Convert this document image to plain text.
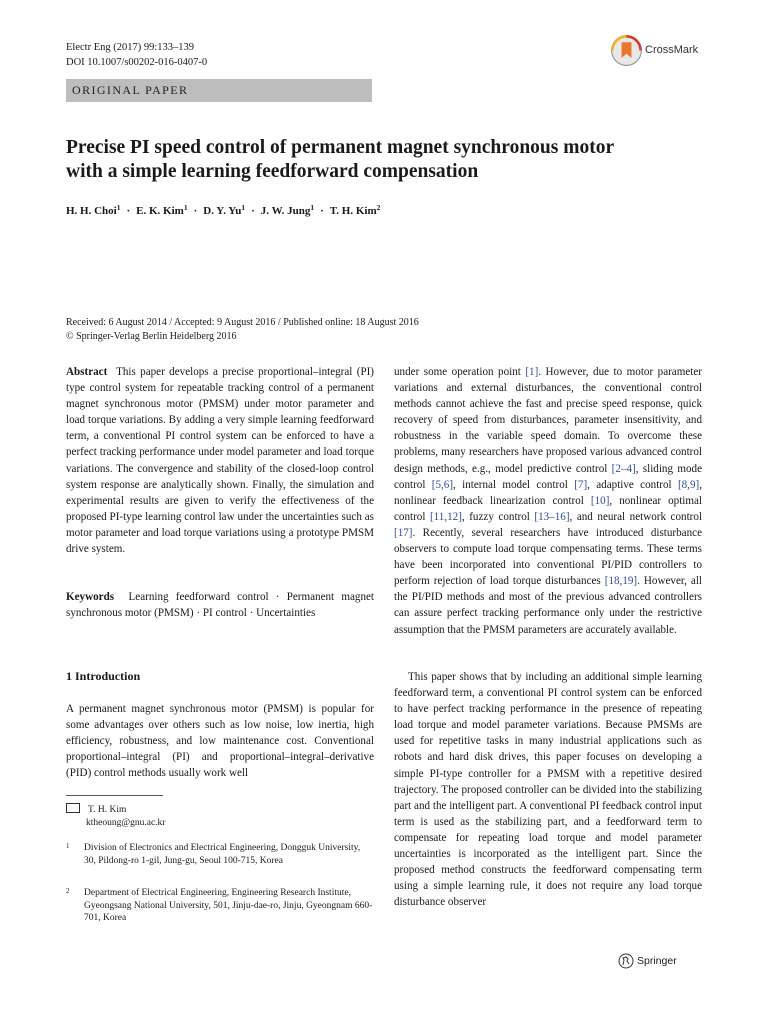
Electr Eng (2017) 99:133–139
DOI 10.1007/s00202-016-0407-0
CrossMark
ORIGINAL PAPER
Precise PI speed control of permanent magnet synchronous motor
with a simple learning feedforward compensation
H. H. Choi$^1$ · E. K. Kim$^1$ · D. Y. $Yu^1 \cdot J$. W. Jung$^1$ · T. H. Kim$^2$
Received: 6 August 2014 / Accepted: 9 August 2016 / Published online: 18 August 2016
© Springer-Verlag Berlin Heidelberg 2016
Abstract This paper develops a precise proportional–integral (PI) type control system for repeatable tracking control of a permanent magnet synchronous motor (PMSM) under motor parameter and load torque variations. By adding a very simple learning feedforward term, a conventional PI control system can be enforced to have a perfect tracking performance under model parameter and load torque variations. The convergence and stability of the closed-loop control system response are analytically shown. Finally, the simulation and experimental results are given to verify the effectiveness of the proposed PI-type learning control law under the uncertainties such as motor parameter and load torque variations using a prototype PMSM drive system.
Keywords Learning feedforward control · Permanent magnet synchronous motor (PMSM) · PI control · Uncertainties
1 Introduction
A permanent magnet synchronous motor (PMSM) is popular for some advantages over others such as low noise, low inertia, high efficiency, robustness, and low maintenance cost. Conventional proportional–integral (PI) and proportional–integral–derivative (PID) control methods usually work well
T. H. Kim
ktheoung@gnu.ac.kr
1 Division of Electronics and Electrical Engineering, Dongguk University, 30, Pildong-ro 1-gil, Jung-gu, Seoul 100-715, Korea
2 Department of Electrical Engineering, Engineering Research Institute, Gyeongsang National University, 501, Jinju-dae-ro, Jinju, Gyeongnam 660-701, Korea
under some operation point [1]. However, due to motor parameter variations and external disturbances, the conventional control methods cannot achieve the fast and precise speed response, quick recovery of speed from disturbances, parameter insensitivity, and robustness in the variable speed domain. To overcome these problems, many researchers have proposed various advanced control design methods, e.g., model predictive control [2–4], sliding mode control [5,6], internal model control [7], adaptive control [8,9], nonlinear feedback linearization control [10], nonlinear optimal control [11,12], fuzzy control [13–16], and neural network control [17]. Recently, several researchers have introduced disturbance observers to compute load torque compensating terms. These terms have been incorporated into conventional PI/PID controllers to perform rejection of load torque disturbances [18,19]. However, all the PI/PID methods and most of the previous advanced controllers can assure perfect tracking performance only under the restrictive assumption that the PMSM parameters are accurately available.
This paper shows that by including an additional simple learning feedforward term, a conventional PI control system can be enforced to have perfect tracking performance in the presence of repeating load torque and model parameter variations. Because PMSMs are used for repetitive tasks in many industrial applications such as robots and hard disk drives, this paper focuses on developing a simple PI-type controller for a PMSM with a repetitive desired trajectory. The proposed controller can be divided into the stabilizing part and the intelligent part. A conventional PI feedback control input term is used as the stabilizing part, and a feedforward term to compensate for repeating load torque and model parameter uncertainties is incorporated as the intelligent part. Since the proposed method constructs the feedforward compensating term using a simple learning rule, it does not require any load torque disturbance observer
Springer
